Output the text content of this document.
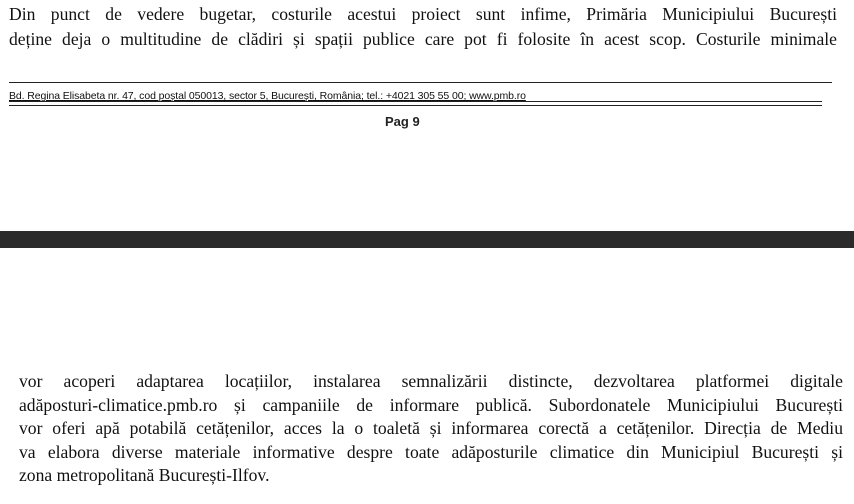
Din punct de vedere bugetar, costurile acestui proiect sunt infime, Primăria Municipiului București
deține deja o multitudine de clădiri și spații publice care pot fi folosite în acest scop. Costurile minimale
Bd. Regina Elisabeta nr. 47, cod poștal 050013, sector 5, București, România; tel.: +4021 305 55 00; www.pmb.ro
Pag 9
vor acoperi adaptarea locațiilor, instalarea semnalizării distincte, dezvoltarea platformei digitale
adăposturi-climatice.pmb.ro și campaniile de informare publică. Subordonatele Municipiului București
vor oferi apă potabilă cetățenilor, acces la o toaletă și informarea corectă a cetățenilor. Direcția de Mediu
va elabora diverse materiale informative despre toate adăposturile climatice din Municipiul București și
zona metropolitană București-Ilfov.
